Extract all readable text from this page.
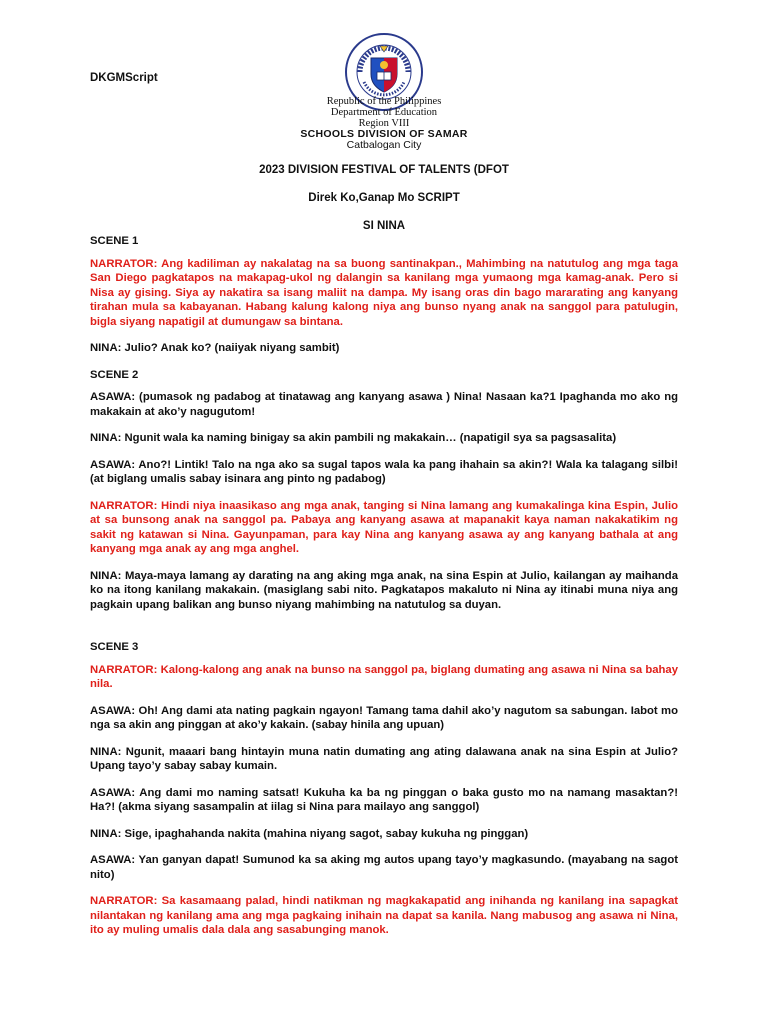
DKGMScript
Republic of the Philippines
Department of Education
Region VIII
SCHOOLS DIVISION OF SAMAR
Catbalogan City
2023 DIVISION FESTIVAL OF TALENTS (DFOT
Direk Ko,Ganap Mo SCRIPT
SI NINA

SCENE 1

NARRATOR: Ang kadiliman ay nakalatag na sa buong santinakpan., Mahimbing na natutulog ang mga taga San Diego pagkatapos na makapag-ukol ng dalangin sa kanilang mga yumaong mga kamag-anak. Pero si Nisa ay gising. Siya ay nakatira sa isang maliit na dampa. My isang oras din bago mararating ang kanyang tirahan mula sa kabayanan. Habang kalung kalong niya ang bunso nyang anak na sanggol para patulugin, bigla siyang napatigil at dumungaw sa bintana.

NINA: Julio? Anak ko? (naiiyak niyang sambit)

SCENE 2

ASAWA: (pumasok ng padabog at tinatawag ang kanyang asawa ) Nina! Nasaan ka?1 Ipaghanda mo ako ng makakain at ako’y nagugutom!

NINA: Ngunit wala ka naming binigay sa akin pambili ng makakain… (napatigil sya sa pagsasalita)

ASAWA: Ano?! Lintik! Talo na nga ako sa sugal tapos wala ka pang ihahain sa akin?! Wala ka talagang silbi! (at biglang umalis sabay isinara ang pinto ng padabog)

NARRATOR: Hindi niya inaasikaso ang mga anak, tanging si Nina lamang ang kumakalinga kina Espin, Julio at sa bunsong anak na sanggol pa. Pabaya ang kanyang asawa at mapanakit kaya naman nakakatikim ng sakit ng katawan si Nina. Gayunpaman, para kay Nina ang kanyang asawa ay ang kanyang bathala at ang kanyang mga anak ay ang mga anghel.

NINA: Maya-maya lamang ay darating na ang aking mga anak, na sina Espin at Julio, kailangan ay maihanda ko na itong kanilang makakain. (masiglang sabi nito. Pagkatapos makaluto ni Nina ay itinabi muna niya ang pagkain upang balikan ang bunso niyang mahimbing na natutulog sa duyan.

SCENE 3

NARRATOR: Kalong-kalong ang anak na bunso na sanggol pa, biglang dumating ang asawa ni Nina sa bahay nila.

ASAWA: Oh! Ang dami ata nating pagkain ngayon! Tamang tama dahil ako’y nagutom sa sabungan. Iabot mo nga sa akin ang pinggan at ako’y kakain. (sabay hinila ang upuan)

NINA: Ngunit, maaari bang hintayin muna natin dumating ang ating dalawana anak na sina Espin at Julio? Upang tayo’y sabay sabay kumain.

ASAWA: Ang dami mo naming satsat! Kukuha ka ba ng pinggan o baka gusto mo na namang masaktan?! Ha?! (akma siyang sasampalin at iilag si Nina para mailayo ang sanggol)

NINA: Sige, ipaghahanda nakita (mahina niyang sagot, sabay kukuha ng pinggan)

ASAWA: Yan ganyan dapat! Sumunod ka sa aking mg autos upang tayo’y magkasundo. (mayabang na sagot nito)

NARRATOR: Sa kasamaang palad, hindi natikman ng magkakapatid ang inihanda ng kanilang ina sapagkat nilantakan ng kanilang ama ang mga pagkaing inihain na dapat sa kanila. Nang mabusog ang asawa ni Nina, ito ay muling umalis dala dala ang sasabunging manok.
